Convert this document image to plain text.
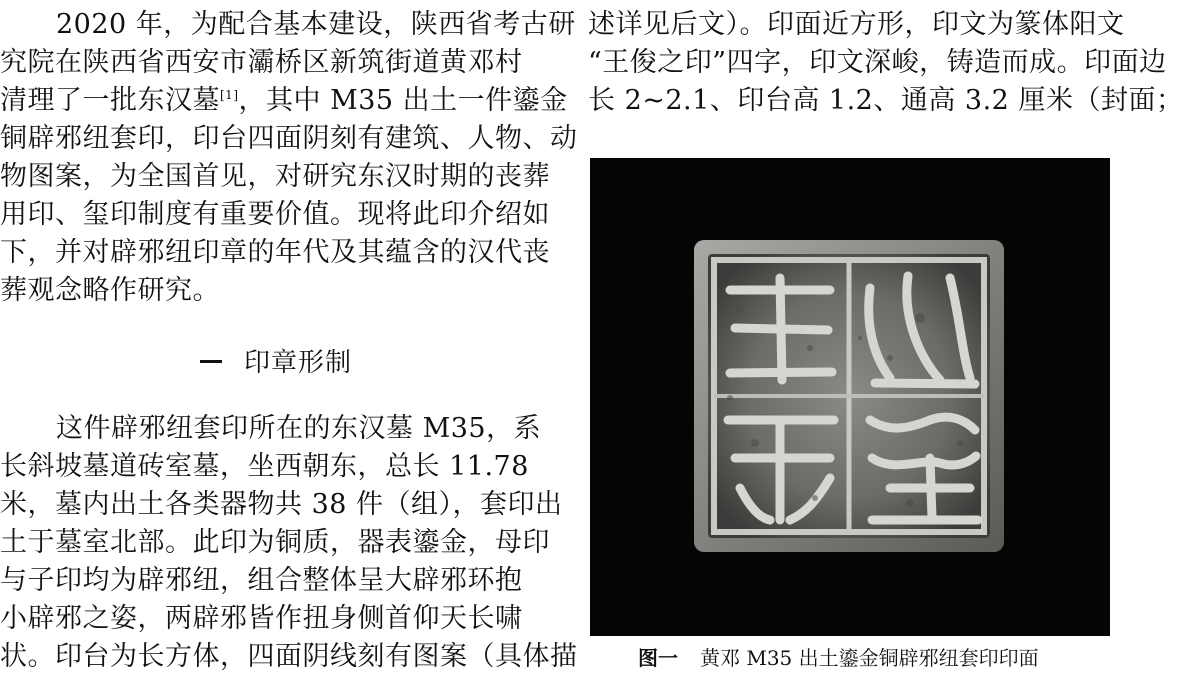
2020 年，为配合基本建设，陕西省考古研
究院在陕西省西安市灞桥区新筑街道黄邓村
清理了一批东汉墓[1]，其中 M35 出土一件鎏金
铜辟邪纽套印，印台四面阴刻有建筑、人物、动
物图案，为全国首见，对研究东汉时期的丧葬
用印、玺印制度有重要价值。现将此印介绍如
下，并对辟邪纽印章的年代及其蕴含的汉代丧
葬观念略作研究。
印章形制
这件辟邪纽套印所在的东汉墓 M35，系
长斜坡墓道砖室墓，坐西朝东，总长 11.78
米，墓内出土各类器物共 38 件（组），套印出
土于墓室北部。此印为铜质，器表鎏金，母印
与子印均为辟邪纽，组合整体呈大辟邪环抱
小辟邪之姿，两辟邪皆作扭身侧首仰天长啸
状。印台为长方体，四面阴线刻有图案（具体描
述详见后文）。印面近方形，印文为篆体阳文
“王俊之印”四字，印文深峻，铸造而成。印面边
长 2~2.1、印台高 1.2、通高 3.2 厘米（封面；
图一 黄邓 M35 出土鎏金铜辟邪纽套印印面
